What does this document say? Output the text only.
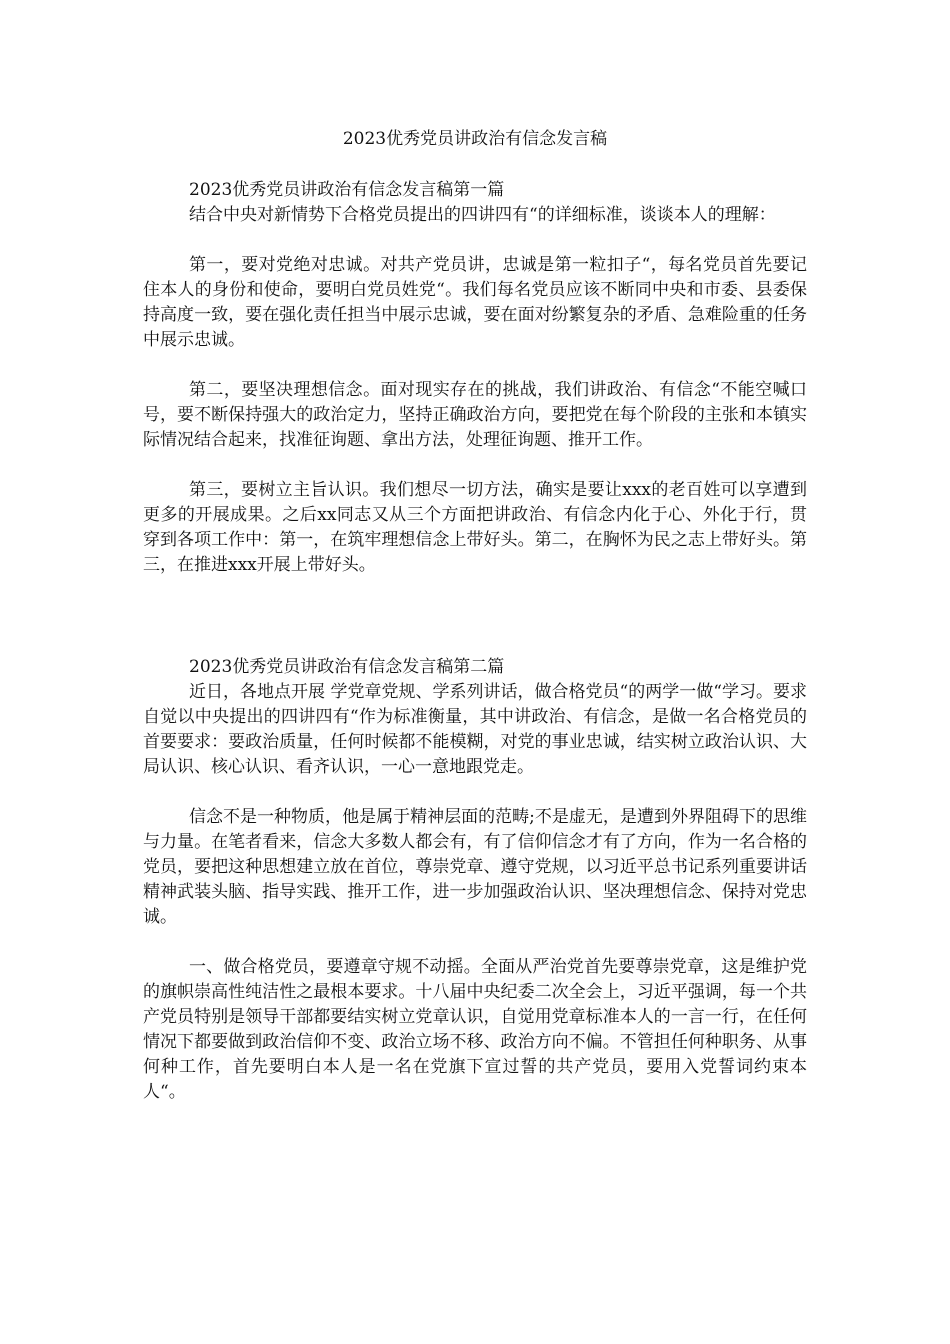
2023优秀党员讲政治有信念发言稿

2023优秀党员讲政治有信念发言稿第一篇

结合中央对新情势下合格党员提出的四讲四有“的详细标准，谈谈本人的理解：

第一，要对党绝对忠诚。对共产党员讲，忠诚是第一粒扣子“，每名党员首先要记住本人的身份和使命，要明白党员姓党“。我们每名党员应该不断同中央和市委、县委保持高度一致，要在强化责任担当中展示忠诚，要在面对纷繁复杂的矛盾、急难险重的任务中展示忠诚。

第二，要坚决理想信念。面对现实存在的挑战，我们讲政治、有信念“不能空喊口号，要不断保持强大的政治定力，坚持正确政治方向，要把党在每个阶段的主张和本镇实际情况结合起来，找准征询题、拿出方法，处理征询题、推开工作。

第三，要树立主旨认识。我们想尽一切方法，确实是要让xxx的老百姓可以享遭到更多的开展成果。之后xx同志又从三个方面把讲政治、有信念内化于心、外化于行，贯穿到各项工作中：第一，在筑牢理想信念上带好头。第二，在胸怀为民之志上带好头。第三，在推进xxx开展上带好头。

2023优秀党员讲政治有信念发言稿第二篇

近日，各地点开展 学党章党规、学系列讲话，做合格党员“的两学一做“学习。要求自觉以中央提出的四讲四有“作为标准衡量，其中讲政治、有信念，是做一名合格党员的首要要求：要政治质量，任何时候都不能模糊，对党的事业忠诚，结实树立政治认识、大局认识、核心认识、看齐认识，一心一意地跟党走。

信念不是一种物质，他是属于精神层面的范畴;不是虚无，是遭到外界阻碍下的思维与力量。在笔者看来，信念大多数人都会有，有了信仰信念才有了方向，作为一名合格的党员，要把这种思想建立放在首位，尊崇党章、遵守党规，以习近平总书记系列重要讲话精神武装头脑、指导实践、推开工作，进一步加强政治认识、坚决理想信念、保持对党忠诚。

一、做合格党员，要遵章守规不动摇。全面从严治党首先要尊崇党章，这是维护党的旗帜崇高性纯洁性之最根本要求。十八届中央纪委二次全会上，习近平强调，每一个共产党员特别是领导干部都要结实树立党章认识，自觉用党章标准本人的一言一行，在任何情况下都要做到政治信仰不变、政治立场不移、政治方向不偏。不管担任何种职务、从事何种工作，首先要明白本人是一名在党旗下宣过誓的共产党员，要用入党誓词约束本人“。
